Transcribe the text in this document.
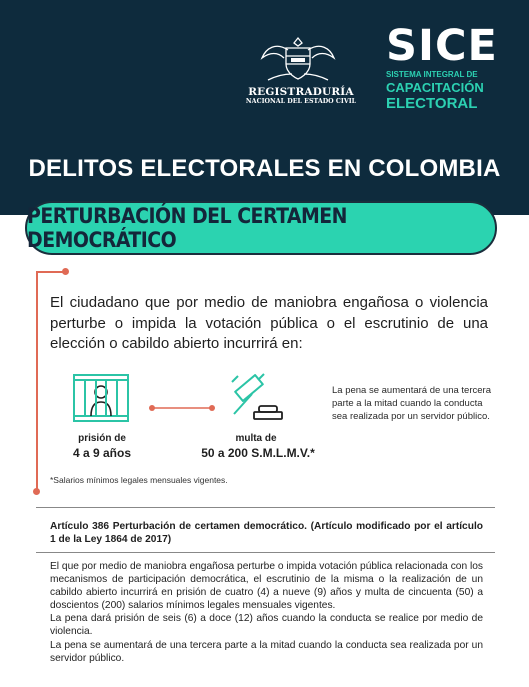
REGISTRADURÍA
NACIONAL DEL ESTADO CIVIL
SICE
SISTEMA INTEGRAL DE
CAPACITACIÓN
ELECTORAL
DELITOS ELECTORALES EN COLOMBIA
PERTURBACIÓN DEL CERTAMEN DEMOCRÁTICO
El ciudadano que por medio de maniobra engañosa o violencia perturbe o impida la votación pública o el escrutinio de una elección o cabildo abierto incurrirá en:
prisión de
4 a 9 años
multa de
50 a 200 S.M.L.M.V.*
La pena se aumentará de una tercera parte a la mitad cuando la conducta sea realizada por un servidor público.
*Salarios mínimos legales mensuales vigentes.
Artículo 386 Perturbación de certamen democrático. (Artículo modificado por el artículo 1 de la Ley 1864 de 2017)

El que por medio de maniobra engañosa perturbe o impida votación pública relacionada con los mecanismos de participación democrática, el escrutinio de la misma o la realización de un cabildo abierto incurrirá en prisión de cuatro (4) a nueve (9) años y multa de cincuenta (50) a doscientos (200) salarios mínimos legales mensuales vigentes.

La pena dará prisión de seis (6) a doce (12) años cuando la conducta se realice por medio de violencia.

La pena se aumentará de una tercera parte a la mitad cuando la conducta sea realizada por un servidor público.
